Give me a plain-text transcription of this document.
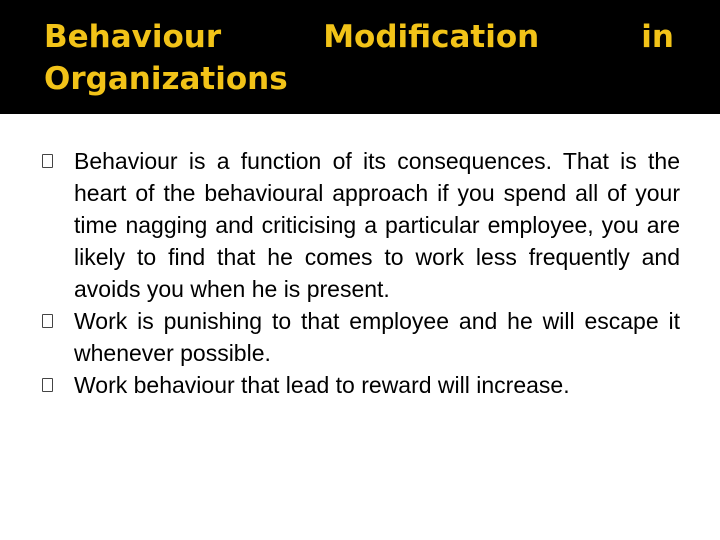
Behaviour Modification in Organizations
Behaviour is a function of its consequences. That is the heart of the behavioural approach if you spend all of your time nagging and criticising a particular employee, you are likely to find that he comes to work less frequently and avoids you when he is present.
Work is punishing to that employee and he will escape it whenever possible.
Work behaviour that lead to reward will increase.
